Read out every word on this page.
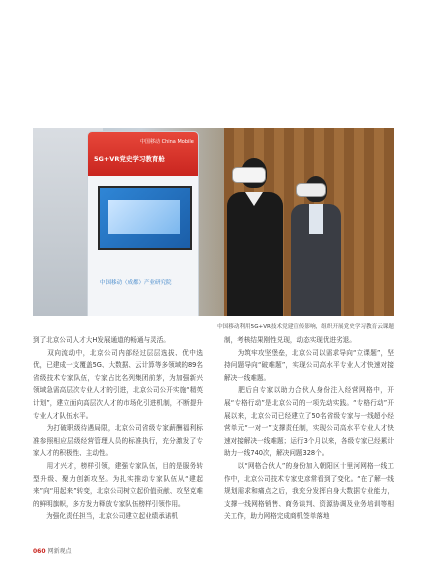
中国移动 China Mobile
5G+VR党史学习教育舱
中国移动（成都）产业研究院
中国移动利用5G+VR技术党建宣传影响，组织开展党史学习教育云课题

到了北京公司人才大H发展通道的畅通与灵活。

　　双向流动中，北京公司内部经过层层选拔、优中选优，已建成一支覆盖5G、大数据、云计算等多领域的89名省级技术专家队伍，专家占比名列集团前茅，为加强新兴领域急需高层次专业人才的引进，北京公司公开实施“精英计划”，建立面向高层次人才的市场化引进机制，不断提升专业人才队伍水平。

　　为打破职级待遇局限，北京公司省级专家薪酬福利标准参照相应层级经营管理人员的标准执行，充分激发了专家人才的积极性、主动性。

　　用才兴才，榜样引领，建强专家队伍，目的是服务转型升级、聚力创新攻坚。为扎实推动专家队伍从“建起来”向“用起来”转变，北京公司树立起价值贡献、攻坚克难的鲜明旗帜，多方发力释放专家队伍榜样引领作用。

　　为强化责任担当，北京公司建立起业绩承诺机

制，考核结果刚性兑现，动态实现优进劣退。

　　为筑牢攻坚堡垒，北京公司以需求导向“立课题”，坚持问题导向“破难题”，实现公司高水平专业人才快速对接解决一线难题。

　　肥后自专家以助力合伙人身份注入经营网格中，开展“专格行动”是北京公司的一项先动实践。“专格行动”开展以来，北京公司已经建立了50名省级专家与一线超小经营单元“一对一”支撑责任制，实现公司高水平专业人才快速对接解决一线难题；运行3个月以来，各级专家已经累计助力一线740次，解决问题328个。

　　以“网格合伙人”的身份加入朝阳区十里河网格一线工作中，北京公司技术专家史彦常看到了变化。“在了解一线规划需求和痛点之后，我充分发挥自身大数据专业能力，支撑一线网格销售、商务谈判、资源协调及业务培训等相关工作，助力网格完成商机签单落地

060 网新观点
